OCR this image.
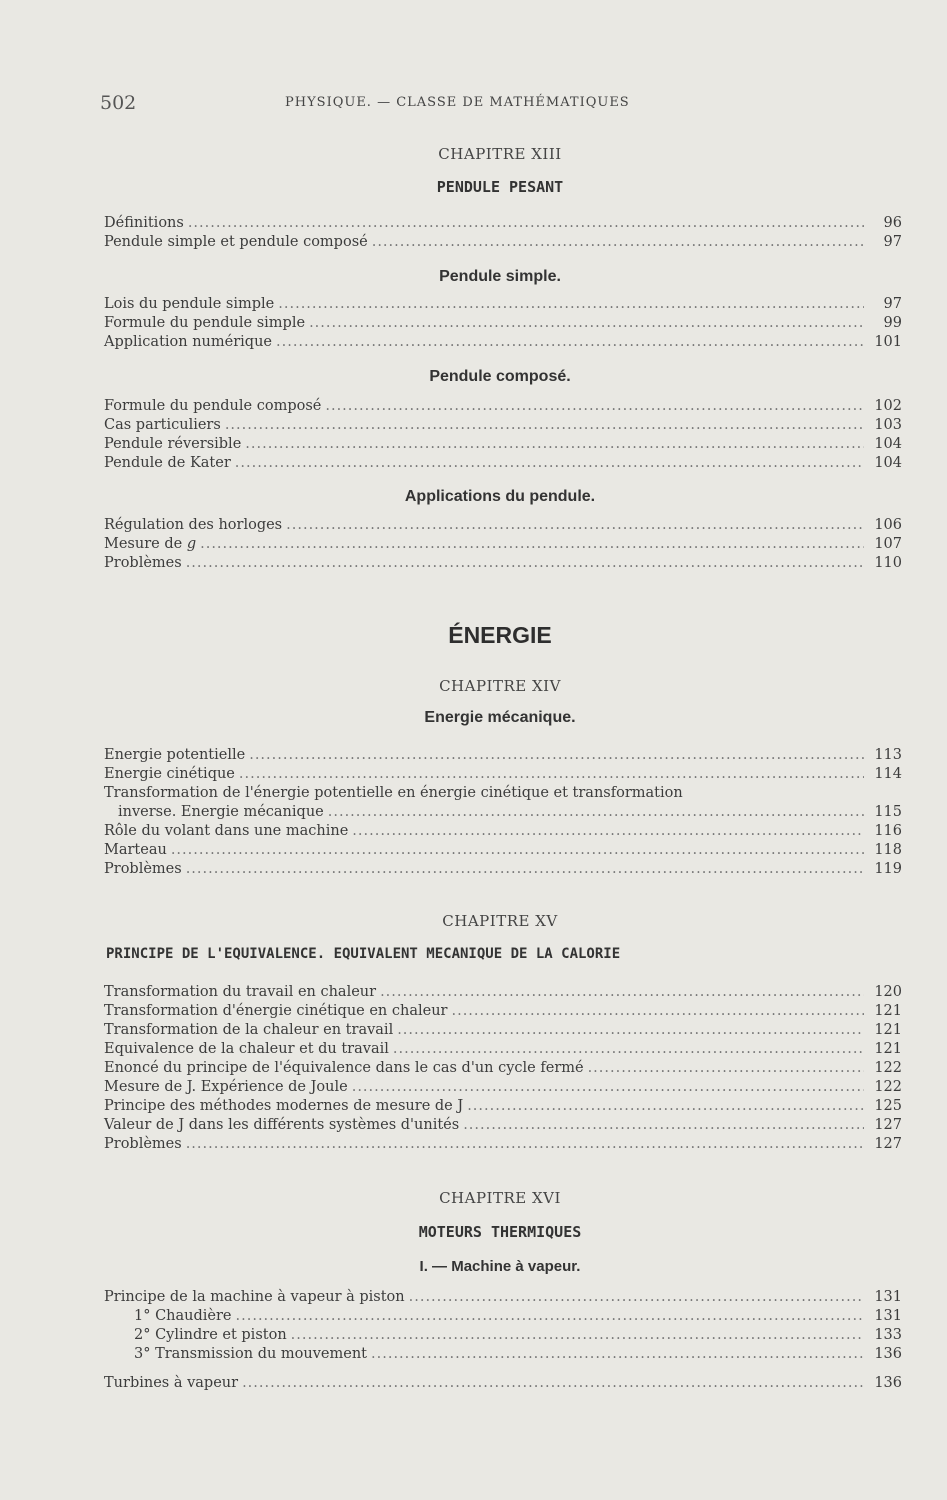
502	PHYSIQUE. — CLASSE DE MATHÉMATIQUES
CHAPITRE XIII
PENDULE PESANT
Définitions .....	96
Pendule simple et pendule composé .....	97
Pendule simple.
Lois du pendule simple .....	97
Formule du pendule simple .....	99
Application numérique .....	101
Pendule composé.
Formule du pendule composé .....	102
Cas particuliers .....	103
Pendule réversible .....	104
Pendule de Kater .....	104
Applications du pendule.
Régulation des horloges .....	106
Mesure de g .....	107
Problèmes .....	110
ÉNERGIE
CHAPITRE XIV
Energie mécanique.
Energie potentielle .....	113
Energie cinétique .....	114
Transformation de l'énergie potentielle en énergie cinétique et transformation
inverse. Energie mécanique .....	115
Rôle du volant dans une machine .....	116
Marteau .....	118
Problèmes .....	119
CHAPITRE XV
PRINCIPE DE L'EQUIVALENCE. EQUIVALENT MECANIQUE DE LA CALORIE
Transformation du travail en chaleur .....	120
Transformation d'énergie cinétique en chaleur .....	121
Transformation de la chaleur en travail .....	121
Equivalence de la chaleur et du travail .....	121
Enoncé du principe de l'équivalence dans le cas d'un cycle fermé .....	122
Mesure de J. Expérience de Joule .....	122
Principe des méthodes modernes de mesure de J .....	125
Valeur de J dans les différents systèmes d'unités .....	127
Problèmes .....	127
CHAPITRE XVI
MOTEURS THERMIQUES
I. — Machine à vapeur.
Principe de la machine à vapeur à piston .....	131
1° Chaudière .....	131
2° Cylindre et piston .....	133
3° Transmission du mouvement .....	136
Turbines à vapeur .....	136
